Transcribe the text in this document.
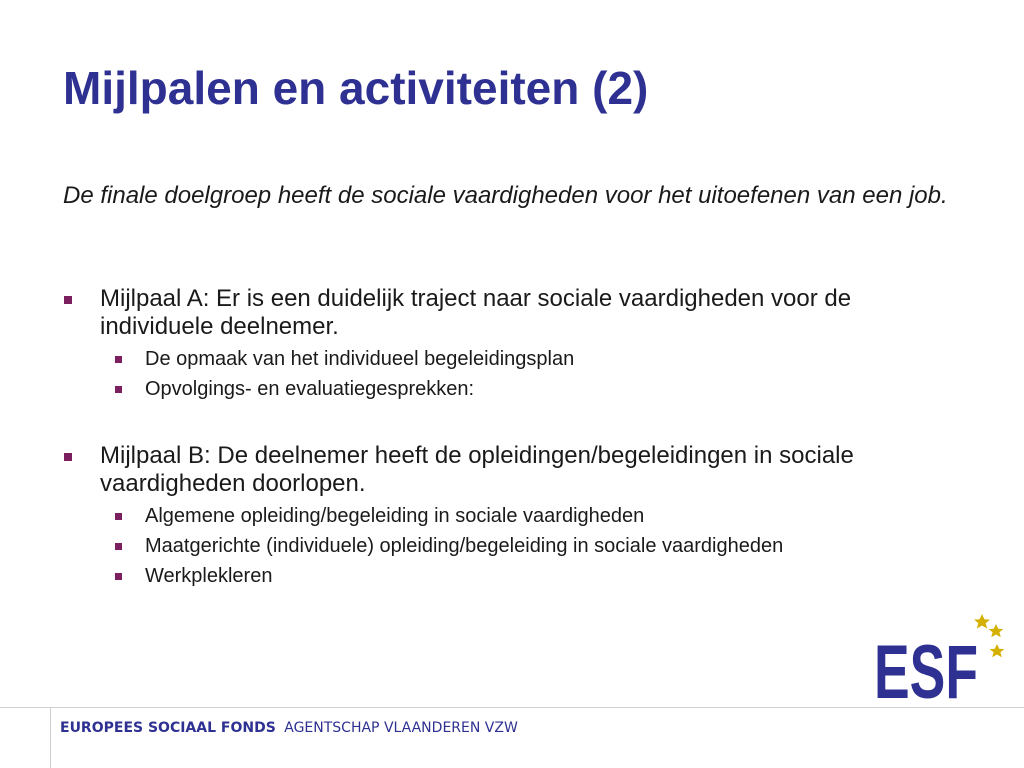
Mijlpalen en activiteiten (2)
De finale doelgroep heeft de sociale vaardigheden voor het uitoefenen van een job.
Mijlpaal A: Er is een duidelijk traject naar sociale vaardigheden voor de individuele deelnemer.
De opmaak van het individueel begeleidingsplan
Opvolgings- en evaluatiegesprekken:
Mijlpaal B: De deelnemer heeft de opleidingen/begeleidingen in sociale vaardigheden doorlopen.
Algemene opleiding/begeleiding in sociale vaardigheden
Maatgerichte (individuele) opleiding/begeleiding in sociale vaardigheden
Werkplekleren
ESF
EUROPEES SOCIAAL FONDS AGENTSCHAP VLAANDEREN VZW
